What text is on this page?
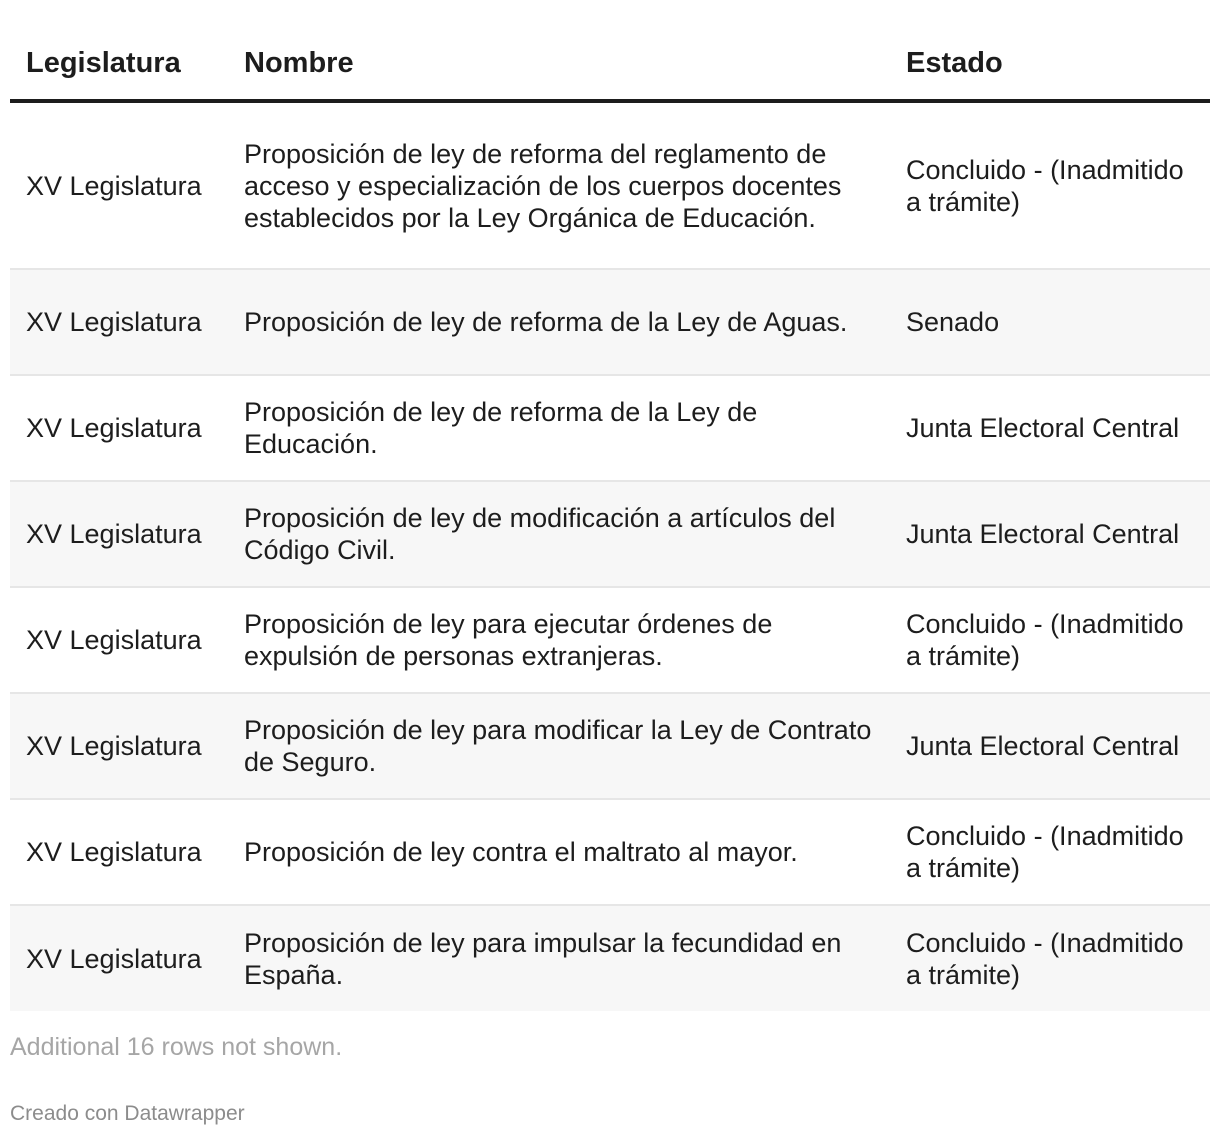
Legislatura	Nombre	Estado
XV Legislatura	Proposición de ley de reforma del reglamento de acceso y especialización de los cuerpos docentes establecidos por la Ley Orgánica de Educación.	Concluido - (Inadmitido a trámite)
XV Legislatura	Proposición de ley de reforma de la Ley de Aguas.	Senado
XV Legislatura	Proposición de ley de reforma de la Ley de Educación.	Junta Electoral Central
XV Legislatura	Proposición de ley de modificación a artículos del Código Civil.	Junta Electoral Central
XV Legislatura	Proposición de ley para ejecutar órdenes de expulsión de personas extranjeras.	Concluido - (Inadmitido a trámite)
XV Legislatura	Proposición de ley para modificar la Ley de Contrato de Seguro.	Junta Electoral Central
XV Legislatura	Proposición de ley contra el maltrato al mayor.	Concluido - (Inadmitido a trámite)
XV Legislatura	Proposición de ley para impulsar la fecundidad en España.	Concluido - (Inadmitido a trámite)
Additional 16 rows not shown.
Creado con Datawrapper
